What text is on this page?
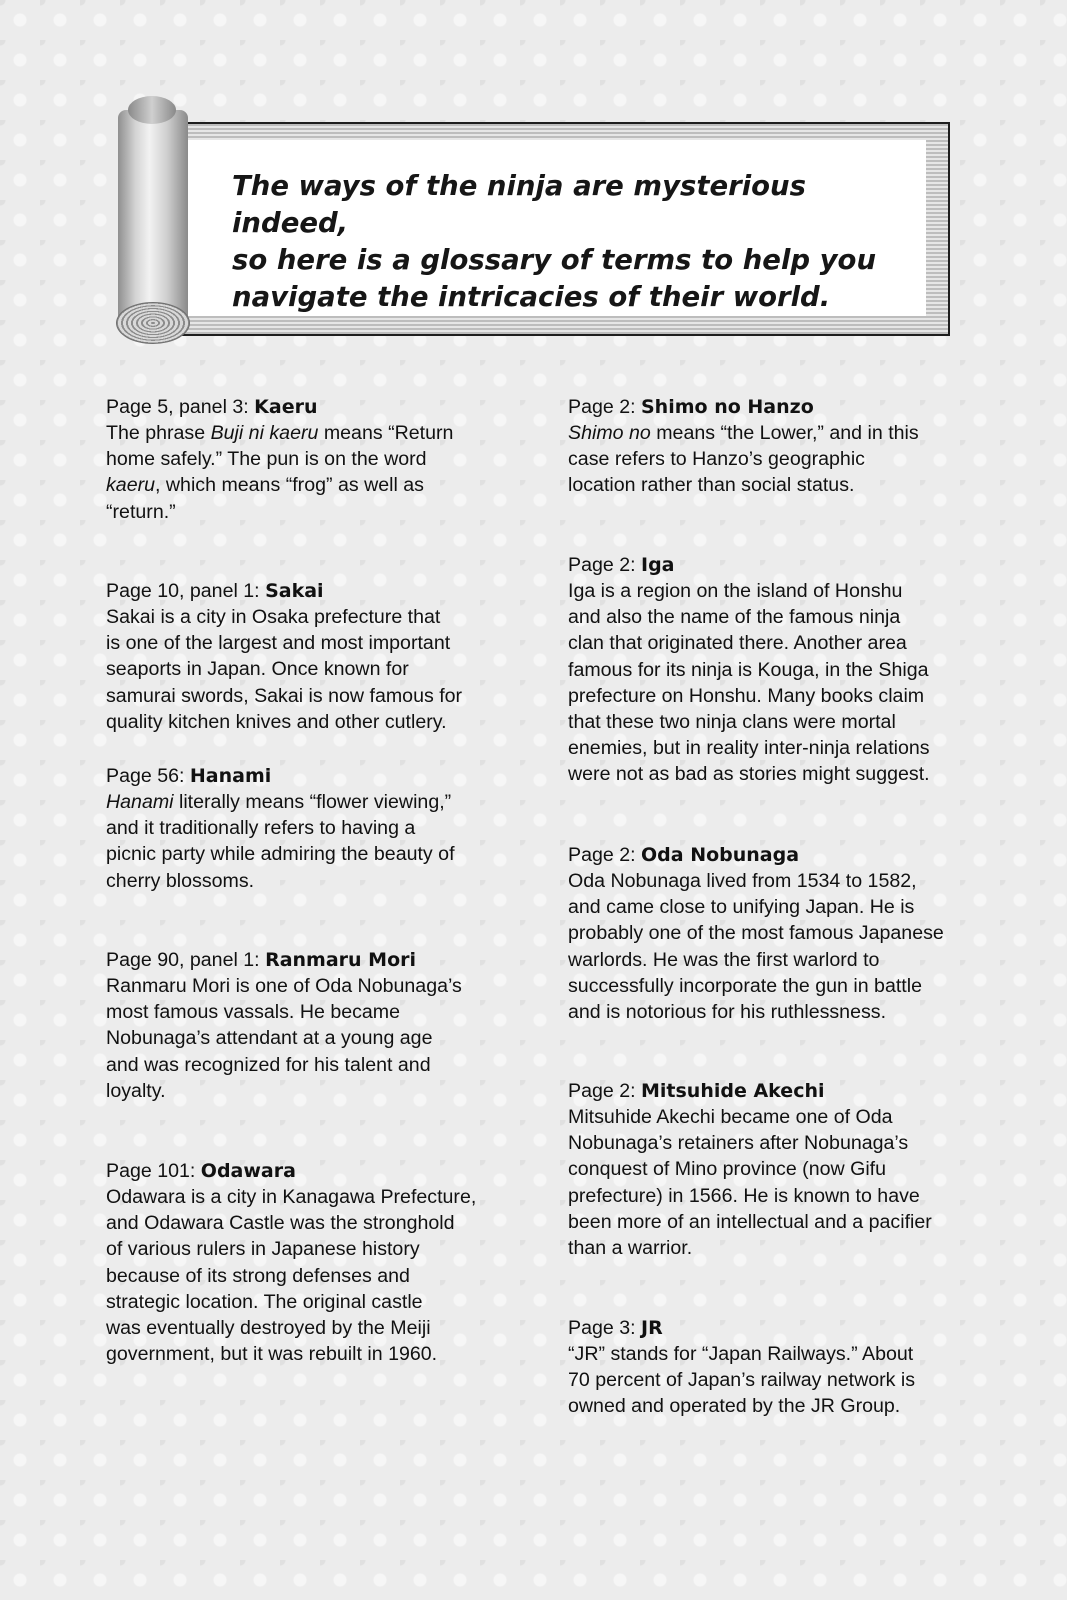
The ways of the ninja are mysterious indeed,
so here is a glossary of terms to help you
navigate the intricacies of their world.

Page 5, panel 3: Kaeru

The phrase Buji ni kaeru means “Return
home safely.” The pun is on the word
kaeru, which means “frog” as well as
“return.”

Page 10, panel 1: Sakai

Sakai is a city in Osaka prefecture that
is one of the largest and most important
seaports in Japan. Once known for
samurai swords, Sakai is now famous for
quality kitchen knives and other cutlery.

Page 56: Hanami

Hanami literally means “flower viewing,”
and it traditionally refers to having a
picnic party while admiring the beauty of
cherry blossoms.

Page 90, panel 1: Ranmaru Mori

Ranmaru Mori is one of Oda Nobunaga’s
most famous vassals. He became
Nobunaga’s attendant at a young age
and was recognized for his talent and
loyalty.

Page 101: Odawara

Odawara is a city in Kanagawa Prefecture,
and Odawara Castle was the stronghold
of various rulers in Japanese history
because of its strong defenses and
strategic location. The original castle
was eventually destroyed by the Meiji
government, but it was rebuilt in 1960.

Page 2: Shimo no Hanzo

Shimo no means “the Lower,” and in this
case refers to Hanzo’s geographic
location rather than social status.

Page 2: Iga

Iga is a region on the island of Honshu
and also the name of the famous ninja
clan that originated there. Another area
famous for its ninja is Kouga, in the Shiga
prefecture on Honshu. Many books claim
that these two ninja clans were mortal
enemies, but in reality inter-ninja relations
were not as bad as stories might suggest.

Page 2: Oda Nobunaga

Oda Nobunaga lived from 1534 to 1582,
and came close to unifying Japan. He is
probably one of the most famous Japanese
warlords. He was the first warlord to
successfully incorporate the gun in battle
and is notorious for his ruthlessness.

Page 2: Mitsuhide Akechi

Mitsuhide Akechi became one of Oda
Nobunaga’s retainers after Nobunaga’s
conquest of Mino province (now Gifu
prefecture) in 1566. He is known to have
been more of an intellectual and a pacifier
than a warrior.

Page 3: JR

“JR” stands for “Japan Railways.” About
70 percent of Japan’s railway network is
owned and operated by the JR Group.
